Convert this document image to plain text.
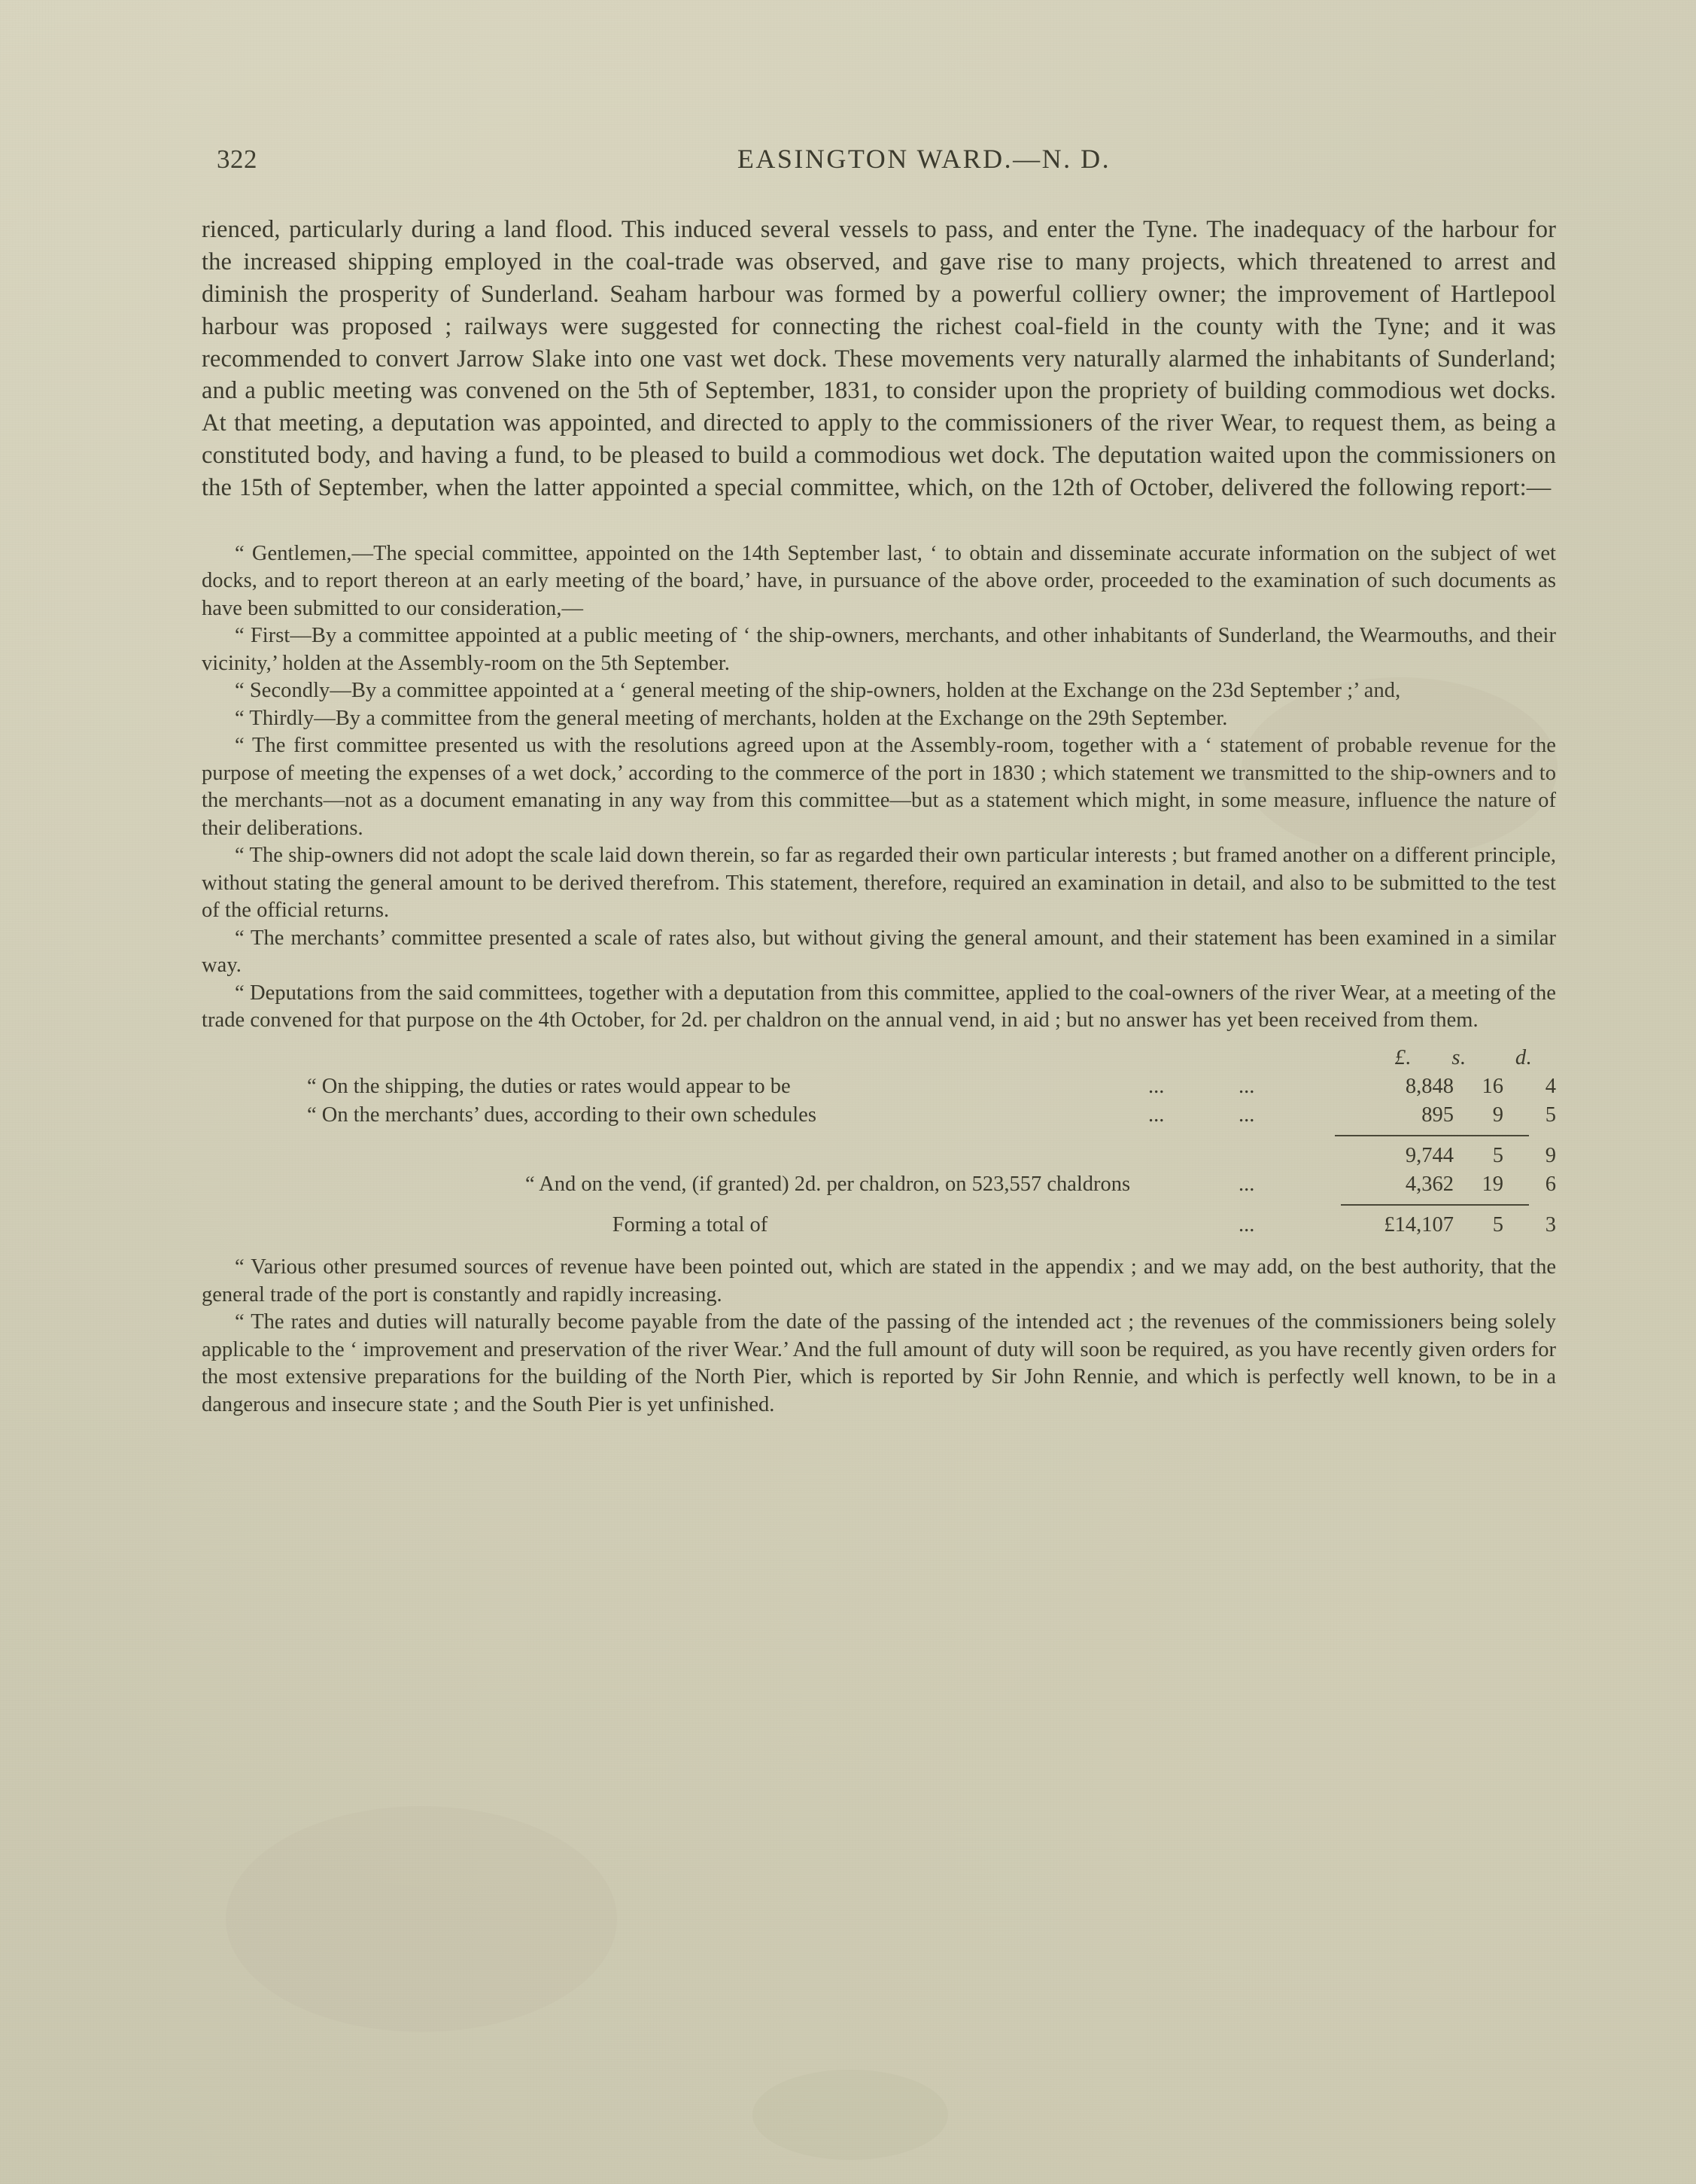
322	EASINGTON WARD.—N. D.

rienced, particularly during a land flood. This induced several vessels to pass, and enter the Tyne. The inadequacy of the harbour for the increased shipping employed in the coal-trade was observed, and gave rise to many projects, which threatened to arrest and diminish the prosperity of Sunderland. Seaham harbour was formed by a powerful colliery owner; the improvement of Hartlepool harbour was proposed ; railways were suggested for connecting the richest coal-field in the county with the Tyne; and it was recommended to convert Jarrow Slake into one vast wet dock. These movements very naturally alarmed the inhabitants of Sunderland; and a public meeting was convened on the 5th of September, 1831, to consider upon the propriety of building commodious wet docks. At that meeting, a deputation was appointed, and directed to apply to the commissioners of the river Wear, to request them, as being a constituted body, and having a fund, to be pleased to build a commodious wet dock. The deputation waited upon the commissioners on the 15th of September, when the latter appointed a special committee, which, on the 12th of October, delivered the following report:—

“ Gentlemen,—The special committee, appointed on the 14th September last, ‘ to obtain and disseminate accurate information on the subject of wet docks, and to report thereon at an early meeting of the board,’ have, in pursuance of the above order, proceeded to the examination of such documents as have been submitted to our consideration,—

“ First—By a committee appointed at a public meeting of ‘ the ship-owners, merchants, and other inhabitants of Sunderland, the Wearmouths, and their vicinity,’ holden at the Assembly-room on the 5th September.

“ Secondly—By a committee appointed at a ‘ general meeting of the ship-owners, holden at the Exchange on the 23d September ;’ and,

“ Thirdly—By a committee from the general meeting of merchants, holden at the Exchange on the 29th September.

“ The first committee presented us with the resolutions agreed upon at the Assembly-room, together with a ‘ statement of probable revenue for the purpose of meeting the expenses of a wet dock,’ according to the commerce of the port in 1830 ; which statement we transmitted to the ship-owners and to the merchants—not as a document emanating in any way from this committee—but as a statement which might, in some measure, influence the nature of their deliberations.

“ The ship-owners did not adopt the scale laid down therein, so far as regarded their own particular interests ; but framed another on a different principle, without stating the general amount to be derived therefrom. This statement, therefore, required an examination in detail, and also to be submitted to the test of the official returns.

“ The merchants’ committee presented a scale of rates also, but without giving the general amount, and their statement has been examined in a similar way.

“ Deputations from the said committees, together with a deputation from this committee, applied to the coal-owners of the river Wear, at a meeting of the trade convened for that purpose on the 4th October, for 2d. per chaldron on the annual vend, in aid ; but no answer has yet been received from them.

£.	s.	d.
“ On the shipping, the duties or rates would appear to be	...	...	8,848	16	4
“ On the merchants’ dues, according to their own schedules	...	...	895	9	5
9,744	5	9
“ And on the vend, (if granted) 2d. per chaldron, on 523,557 chaldrons	...	4,362	19	6
Forming a total of	...	£14,107	5	3

“ Various other presumed sources of revenue have been pointed out, which are stated in the appendix ; and we may add, on the best authority, that the general trade of the port is constantly and rapidly increasing.

“ The rates and duties will naturally become payable from the date of the passing of the intended act ; the revenues of the commissioners being solely applicable to the ‘ improvement and preservation of the river Wear.’ And the full amount of duty will soon be required, as you have recently given orders for the most extensive preparations for the building of the North Pier, which is reported by Sir John Rennie, and which is perfectly well known, to be in a dangerous and insecure state ; and the South Pier is yet unfinished.
